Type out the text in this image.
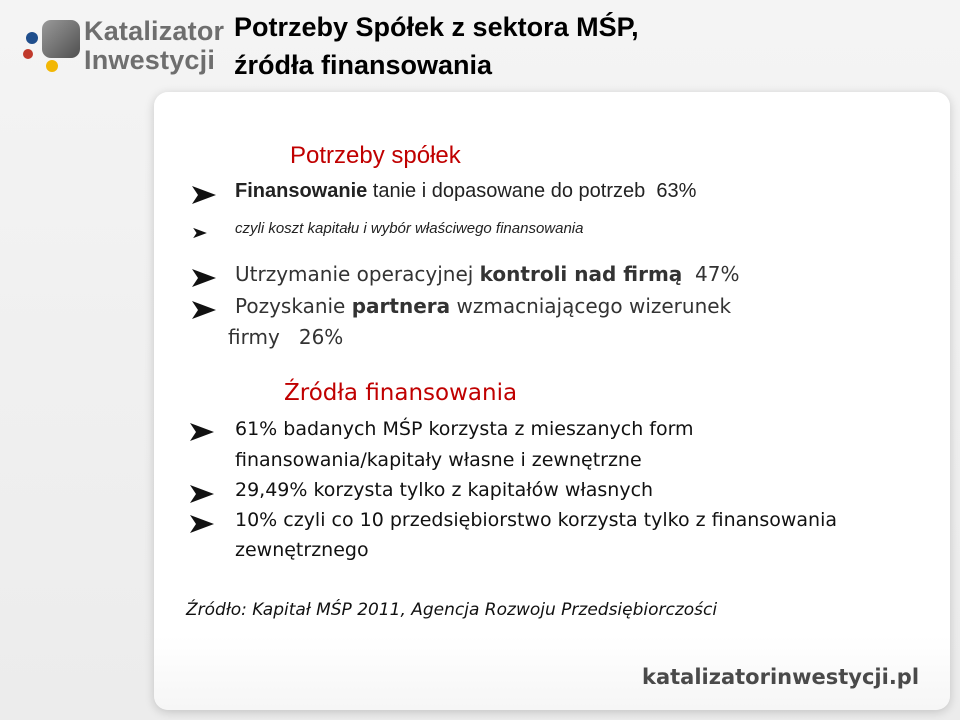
Katalizator
Inwestycji
Potrzeby Spółek z sektora MŚP,
źródła finansowania
Potrzeby spółek
Finansowanie tanie i dopasowane do potrzeb  63%
czyli koszt kapitału i wybór właściwego finansowania
Utrzymanie operacyjnej kontroli nad firmą  47%
Pozyskanie partnera wzmacniającego wizerunek
firmy   26%
Źródła finansowania
61% badanych MŚP korzysta z mieszanych form
finansowania/kapitały własne i zewnętrzne
29,49% korzysta tylko z kapitałów własnych
10% czyli co 10 przedsiębiorstwo korzysta tylko z finansowania
zewnętrznego
Źródło: Kapitał MŚP 2011, Agencja Rozwoju Przedsiębiorczości
katalizatorinwestycji.pl
